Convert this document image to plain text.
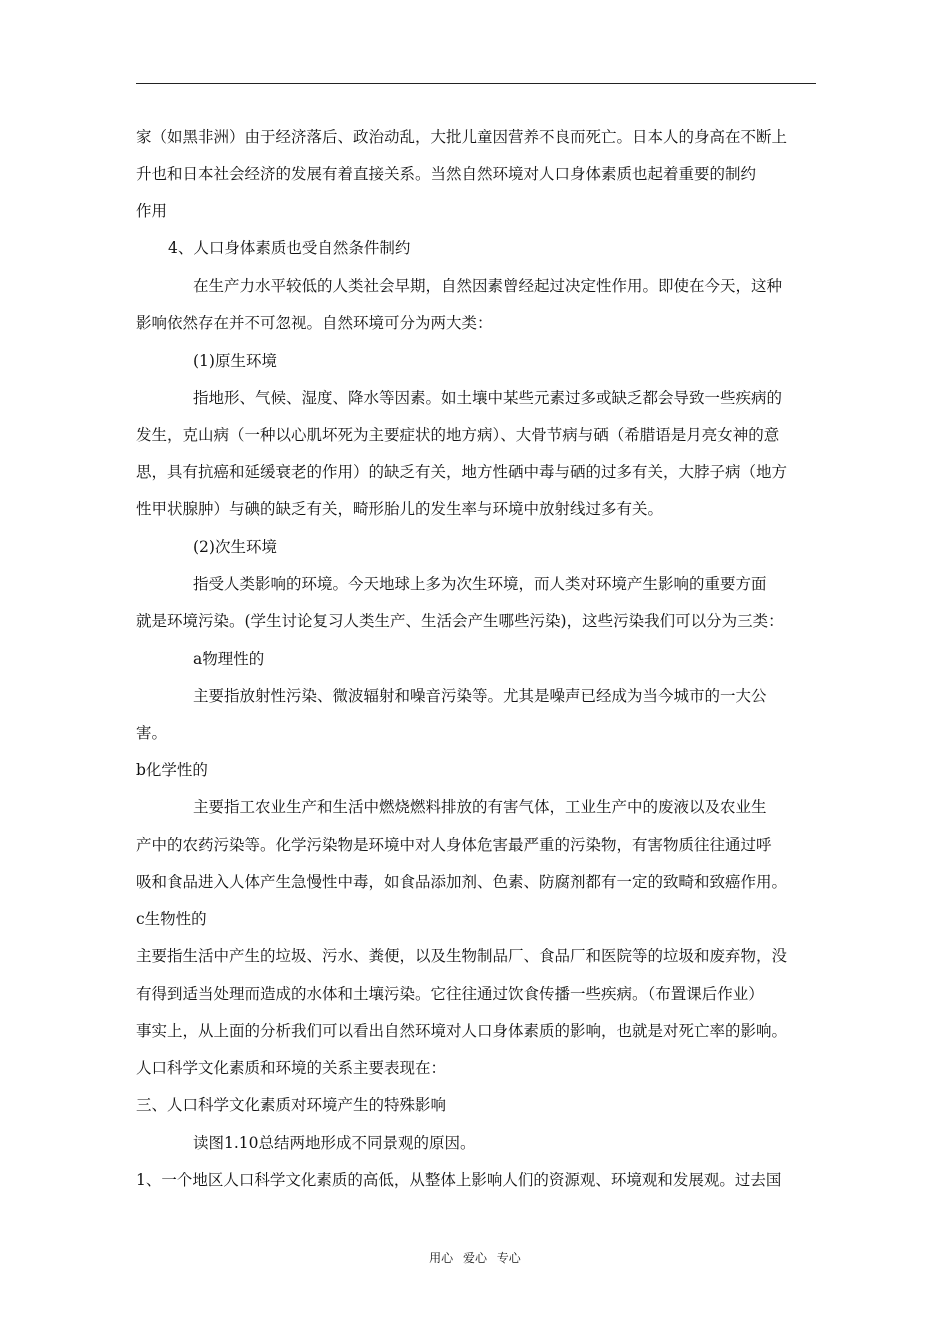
家（如黑非洲）由于经济落后、政治动乱，大批儿童因营养不良而死亡。日本人的身高在不断上
升也和日本社会经济的发展有着直接关系。当然自然环境对人口身体素质也起着重要的制约
作用
4、人口身体素质也受自然条件制约
在生产力水平较低的人类社会早期，自然因素曾经起过决定性作用。即使在今天，这种
影响依然存在并不可忽视。自然环境可分为两大类：
(1)原生环境
指地形、气候、湿度、降水等因素。如土壤中某些元素过多或缺乏都会导致一些疾病的
发生，克山病（一种以心肌坏死为主要症状的地方病）、大骨节病与硒（希腊语是月亮女神的意
思，具有抗癌和延缓衰老的作用）的缺乏有关，地方性硒中毒与硒的过多有关，大脖子病（地方
性甲状腺肿）与碘的缺乏有关，畸形胎儿的发生率与环境中放射线过多有关。
(2)次生环境
指受人类影响的环境。今天地球上多为次生环境，而人类对环境产生影响的重要方面
就是环境污染。(学生讨论复习人类生产、生活会产生哪些污染)，这些污染我们可以分为三类：
a物理性的
主要指放射性污染、微波辐射和噪音污染等。尤其是噪声已经成为当今城市的一大公
害。
b化学性的
主要指工农业生产和生活中燃烧燃料排放的有害气体，工业生产中的废液以及农业生
产中的农药污染等。化学污染物是环境中对人身体危害最严重的污染物，有害物质往往通过呼
吸和食品进入人体产生急慢性中毒，如食品添加剂、色素、防腐剂都有一定的致畸和致癌作用。
c生物性的
主要指生活中产生的垃圾、污水、粪便，以及生物制品厂、食品厂和医院等的垃圾和废弃物，没
有得到适当处理而造成的水体和土壤污染。它往往通过饮食传播一些疾病。（布置课后作业）
事实上，从上面的分析我们可以看出自然环境对人口身体素质的影响，也就是对死亡率的影响。
人口科学文化素质和环境的关系主要表现在：
三、人口科学文化素质对环境产生的特殊影响
读图1.10总结两地形成不同景观的原因。
1、一个地区人口科学文化素质的高低，从整体上影响人们的资源观、环境观和发展观。过去国
用心 爱心 专心
